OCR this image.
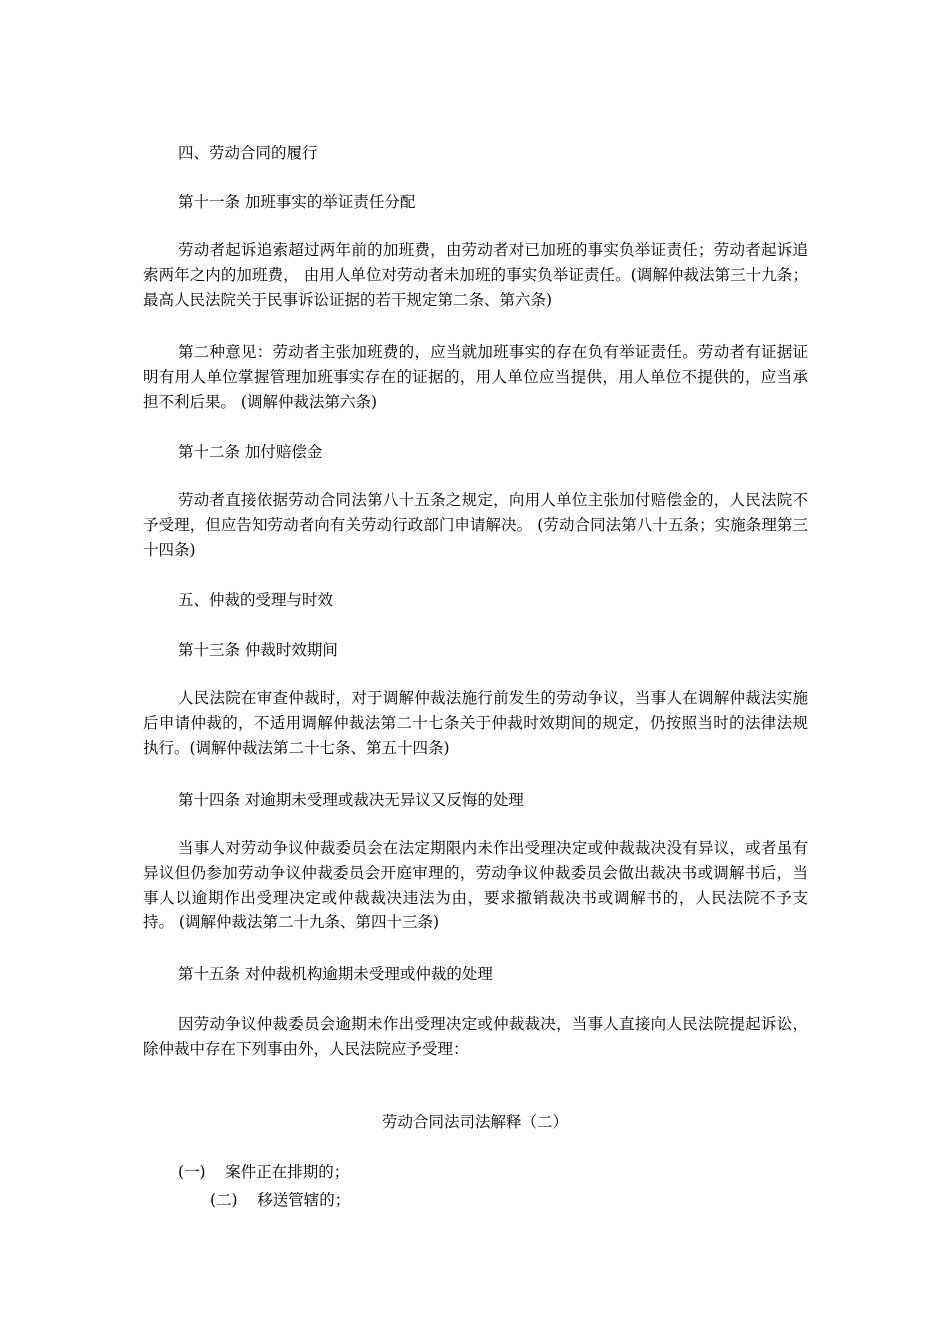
四、劳动合同的履行
第十一条 加班事实的举证责任分配
劳动者起诉追索超过两年前的加班费，由劳动者对已加班的事实负举证责任；劳动者起诉追索两年之内的加班费， 由用人单位对劳动者未加班的事实负举证责任。(调解仲裁法第三十九条；最高人民法院关于民事诉讼证据的若干规定第二条、第六条)
第二种意见：劳动者主张加班费的，应当就加班事实的存在负有举证责任。劳动者有证据证明有用人单位掌握管理加班事实存在的证据的，用人单位应当提供，用人单位不提供的，应当承担不利后果。 (调解仲裁法第六条)
第十二条 加付赔偿金
劳动者直接依据劳动合同法第八十五条之规定，向用人单位主张加付赔偿金的，人民法院不予受理，但应告知劳动者向有关劳动行政部门申请解决。 (劳动合同法第八十五条；实施条理第三十四条)
五、仲裁的受理与时效
第十三条 仲裁时效期间
人民法院在审查仲裁时，对于调解仲裁法施行前发生的劳动争议，当事人在调解仲裁法实施后申请仲裁的，不适用调解仲裁法第二十七条关于仲裁时效期间的规定，仍按照当时的法律法规执行。(调解仲裁法第二十七条、第五十四条)
第十四条 对逾期未受理或裁决无异议又反悔的处理
当事人对劳动争议仲裁委员会在法定期限内未作出受理决定或仲裁裁决没有异议，或者虽有异议但仍参加劳动争议仲裁委员会开庭审理的，劳动争议仲裁委员会做出裁决书或调解书后，当事人以逾期作出受理决定或仲裁裁决违法为由，要求撤销裁决书或调解书的，人民法院不予支持。 (调解仲裁法第二十九条、第四十三条)
第十五条 对仲裁机构逾期未受理或仲裁的处理
因劳动争议仲裁委员会逾期未作出受理决定或仲裁裁决，当事人直接向人民法院提起诉讼，除仲裁中存在下列事由外，人民法院应予受理：
劳动合同法司法解释（二）
(一)    案件正在排期的；
(二)    移送管辖的；
